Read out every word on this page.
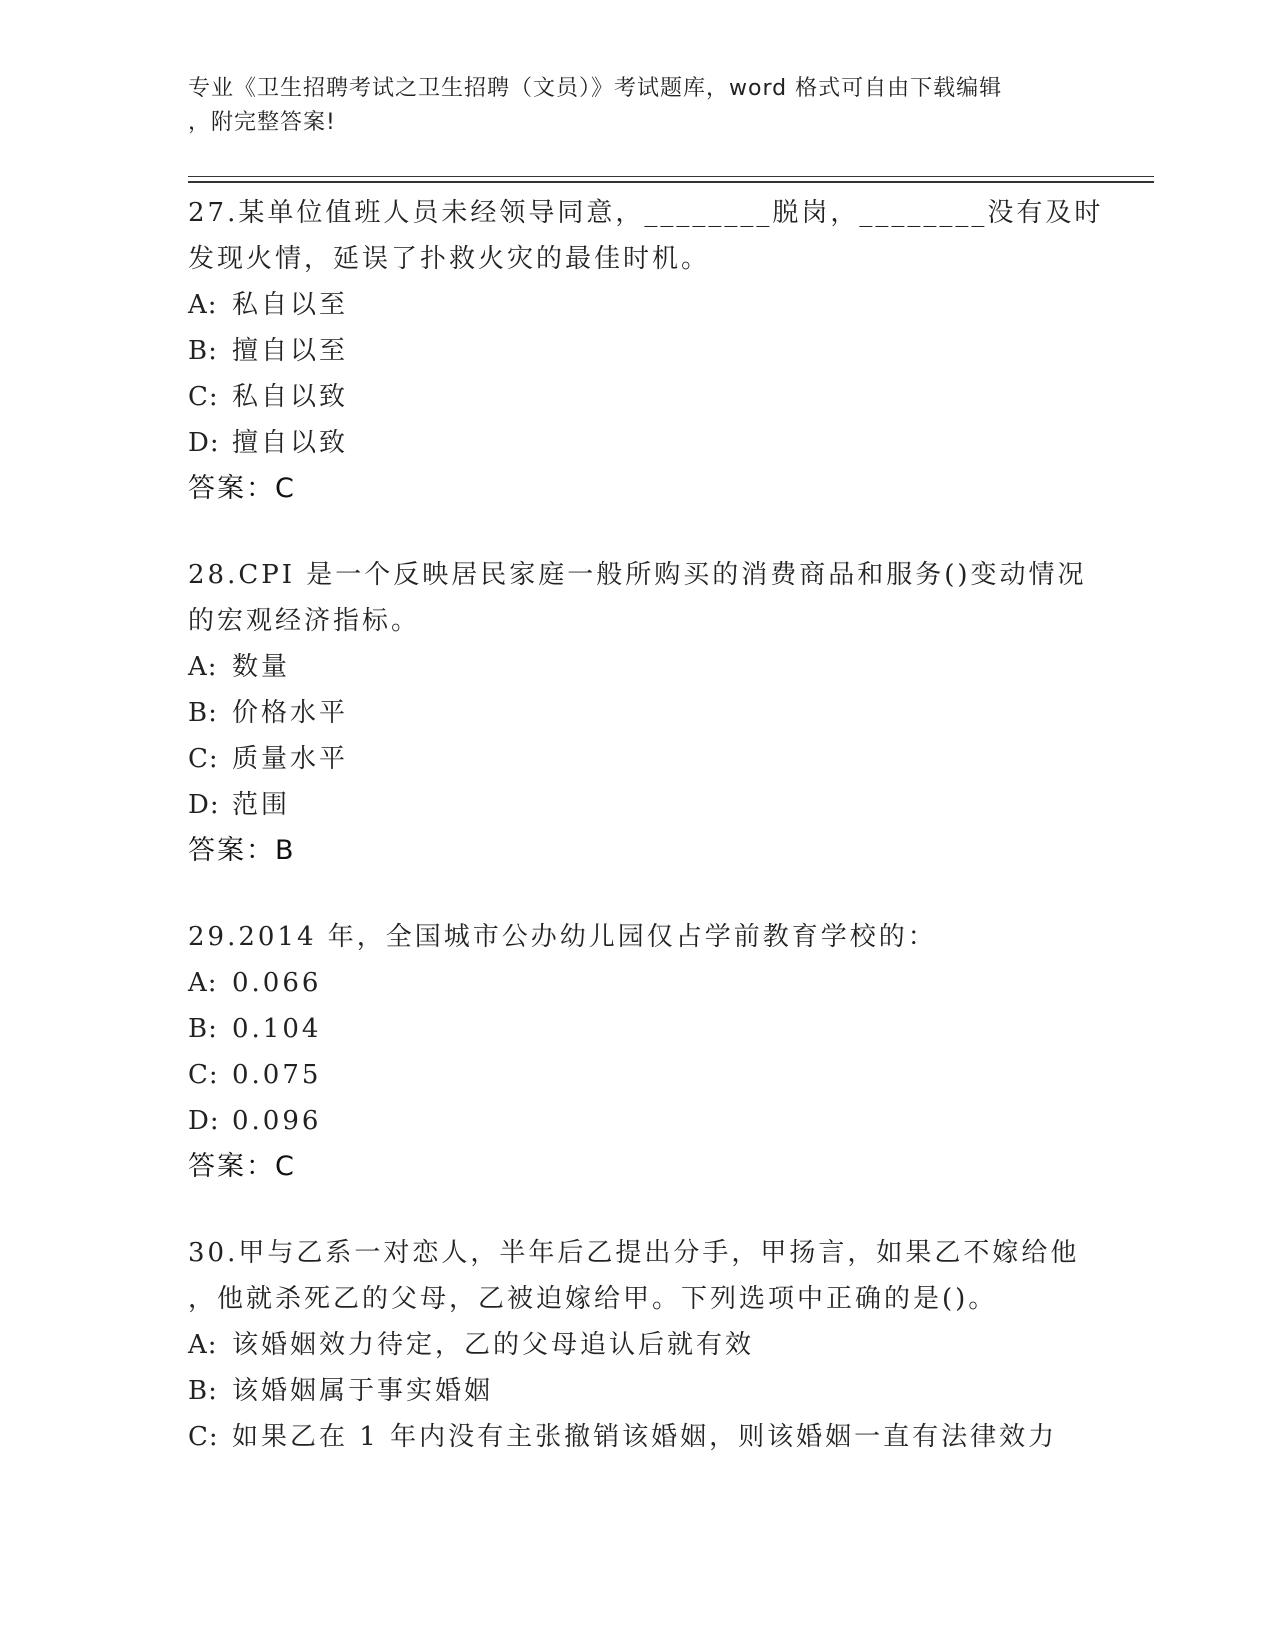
专业《卫生招聘考试之卫生招聘（文员）》考试题库，word 格式可自由下载编辑
，附完整答案!
27.某单位值班人员未经领导同意，________脱岗，________没有及时
发现火情，延误了扑救火灾的最佳时机。
A: 私自以至
B: 擅自以至
C: 私自以致
D: 擅自以致
答案：C
28.CPI 是一个反映居民家庭一般所购买的消费商品和服务()变动情况
的宏观经济指标。
A: 数量
B: 价格水平
C: 质量水平
D: 范围
答案：B
29.2014 年，全国城市公办幼儿园仅占学前教育学校的：
A: 0.066
B: 0.104
C: 0.075
D: 0.096
答案：C
30.甲与乙系一对恋人，半年后乙提出分手，甲扬言，如果乙不嫁给他
，他就杀死乙的父母，乙被迫嫁给甲。下列选项中正确的是()。
A: 该婚姻效力待定，乙的父母追认后就有效
B: 该婚姻属于事实婚姻
C: 如果乙在 1 年内没有主张撤销该婚姻，则该婚姻一直有法律效力
